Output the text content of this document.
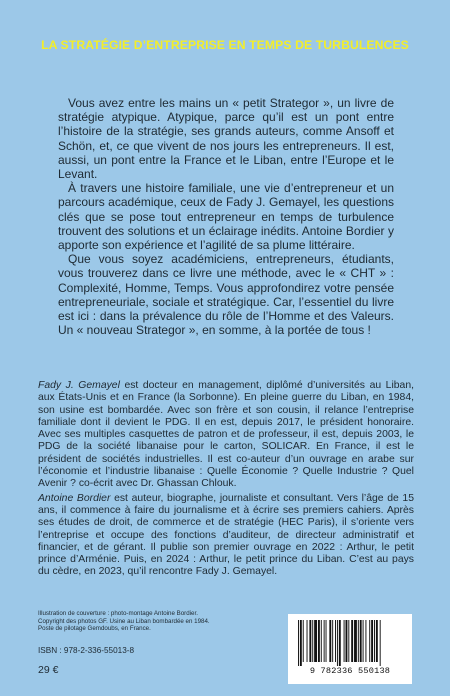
LA STRATÉGIE D’ENTREPRISE EN TEMPS DE TURBULENCES

Vous avez entre les mains un « petit Strategor », un livre de stratégie atypique. Atypique, parce qu’il est un pont entre l’histoire de la stratégie, ses grands auteurs, comme Ansoff et Schön, et, ce que vivent de nos jours les entrepreneurs. Il est, aussi, un pont entre la France et le Liban, entre l’Europe et le Levant.

À travers une histoire familiale, une vie d’entrepreneur et un parcours académique, ceux de Fady J. Gemayel, les questions clés que se pose tout entrepreneur en temps de turbulence trouvent des solutions et un éclairage inédits. Antoine Bordier y apporte son expérience et l’agilité de sa plume littéraire.

Que vous soyez académiciens, entrepreneurs, étudiants, vous trouverez dans ce livre une méthode, avec le « CHT » : Complexité, Homme, Temps. Vous approfondirez votre pensée entrepreneuriale, sociale et stratégique. Car, l’essentiel du livre est ici : dans la prévalence du rôle de l’Homme et des Valeurs. Un « nouveau Strategor », en somme, à la portée de tous !

Fady J. Gemayel est docteur en management, diplômé d’universités au Liban, aux États-Unis et en France (la Sorbonne). En pleine guerre du Liban, en 1984, son usine est bombardée. Avec son frère et son cousin, il relance l’entreprise familiale dont il devient le PDG. Il en est, depuis 2017, le président honoraire. Avec ses multiples casquettes de patron et de professeur, il est, depuis 2003, le PDG de la société libanaise pour le carton, SOLICAR. En France, il est le président de sociétés industrielles. Il est co-auteur d’un ouvrage en arabe sur l’économie et l’industrie libanaise : Quelle Économie ? Quelle Industrie ? Quel Avenir ? co-écrit avec Dr. Ghassan Chlouk.

Antoine Bordier est auteur, biographe, journaliste et consultant. Vers l’âge de 15 ans, il commence à faire du journalisme et à écrire ses premiers cahiers. Après ses études de droit, de commerce et de stratégie (HEC Paris), il s’oriente vers l’entreprise et occupe des fonctions d’auditeur, de directeur administratif et financier, et de gérant. Il publie son premier ouvrage en 2022 : Arthur, le petit prince d’Arménie. Puis, en 2024 : Arthur, le petit prince du Liban. C’est au pays du cèdre, en 2023, qu’il rencontre Fady J. Gemayel.

Illustration de couverture : photo-montage Antoine Bordier.
Copyright des photos GF. Usine au Liban bombardée en 1984.
Poste de pilotage Gemdoubs, en France.
ISBN : 978-2-336-55013-8
29 €	9 782336 550138
